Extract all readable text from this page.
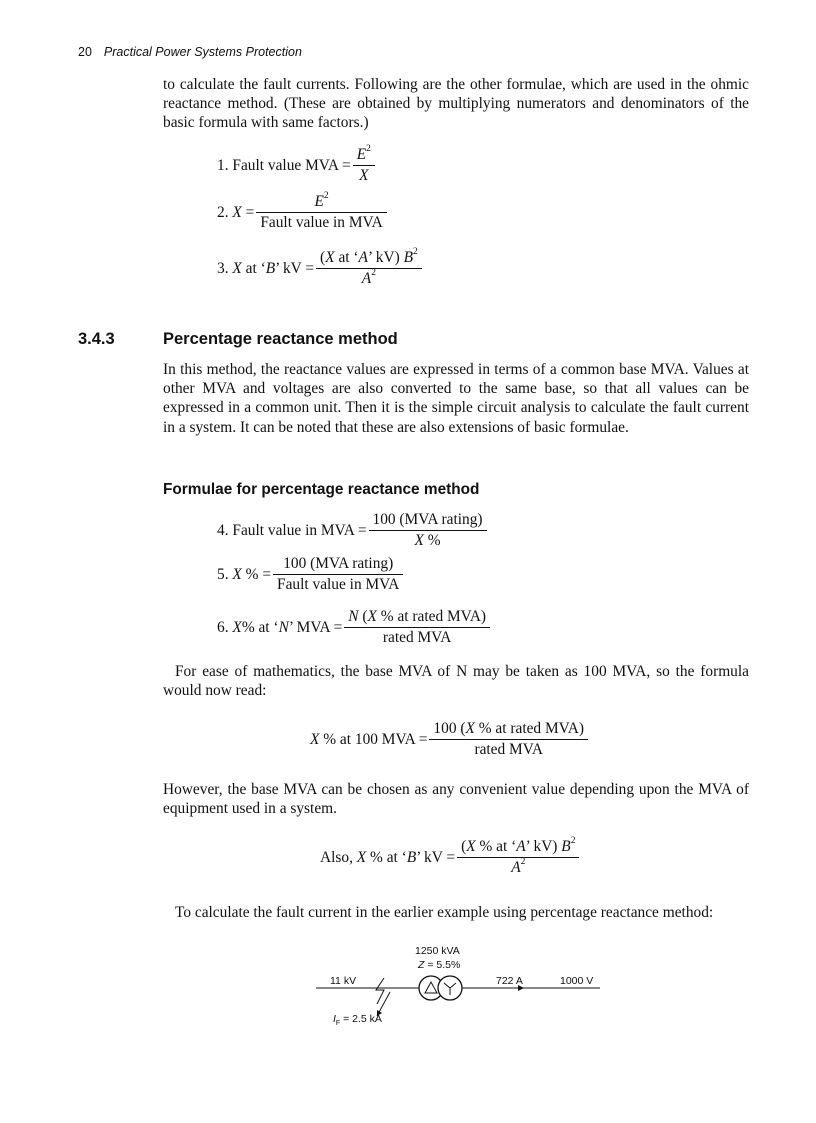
20 Practical Power Systems Protection

to calculate the fault currents. Following are the other formulae, which are used in the ohmic reactance method. (These are obtained by multiplying numerators and denominators of the basic formula with same factors.)

1.
Fault value MVA = $\frac{E^2}{X}$
2.
$X = \frac{E^2}{\text{Fault value in MVA}}$
3.
X at ‘B’ kV = $\frac{(X at ‘A’ kV) B^2}{A^2}$
3.4.3	Percentage reactance method

In this method, the reactance values are expressed in terms of a common base MVA. Values at other MVA and voltages are also converted to the same base, so that all values can be expressed in a common unit. Then it is the simple circuit analysis to calculate the fault current in a system. It can be noted that these are also extensions of basic formulae.

Formulae for percentage reactance method
4.
Fault value in MVA = $\frac{\text{100 (MVA rating)}}{X \%}$
5.
X % = $\frac{\text{100 (MVA rating)}}{\text{Fault value in MVA}}$
6.
X% at ‘N’ MVA = $\frac{\text{N (X \% at rated MVA)}}{\text{rated MVA}}$

For ease of mathematics, the base MVA of N may be taken as 100 MVA, so the formula would now read:

X % at 100 MVA = $\frac{\text{100 (X \% at rated MVA)}}{\text{rated MVA}}$

However, the base MVA can be chosen as any convenient value depending upon the MVA of equipment used in a system.

Also, X % at ‘B’ kV = $\frac{(X \% at ‘A’ kV) B^2}{A^2}$

To calculate the fault current in the earlier example using percentage reactance method:

1250 kVA
Z = 5.5%
11 kV	722 A	1000 V
$I_F = 2.5$ kA
